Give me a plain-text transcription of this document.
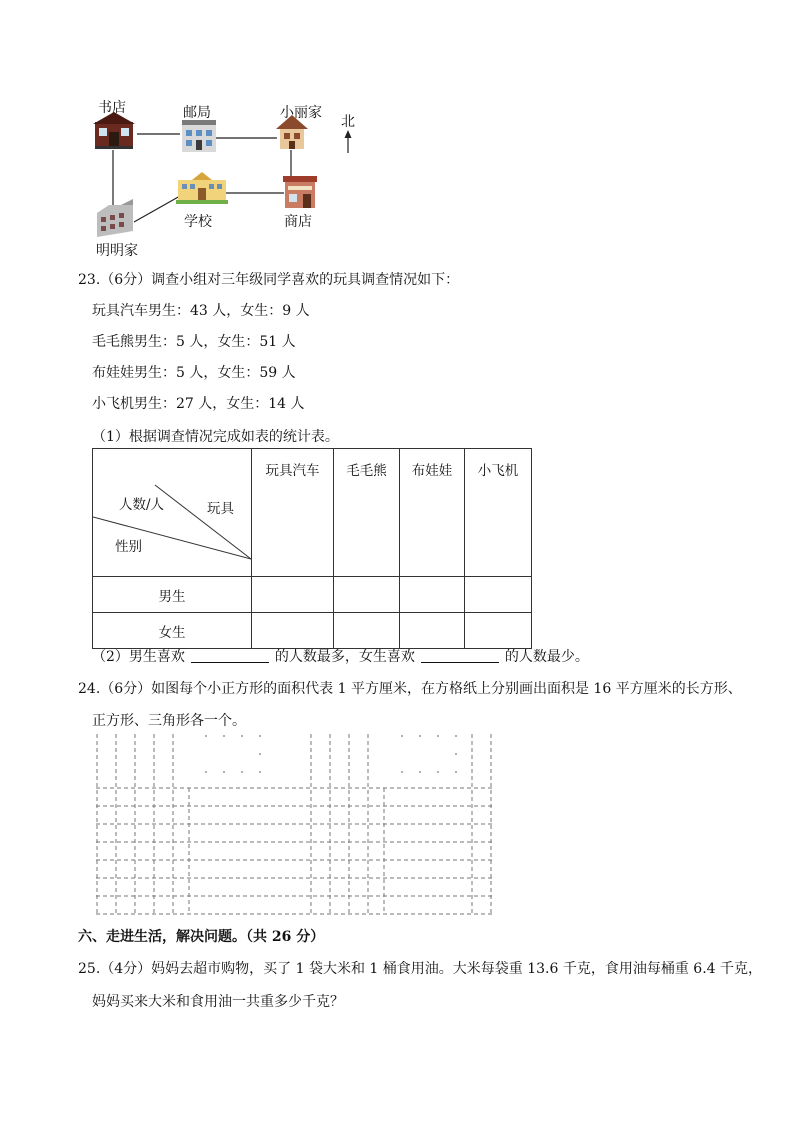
书店	邮局	小丽家
北
学校	商店
明明家
23.（6分）调查小组对三年级同学喜欢的玩具调查情况如下：
玩具汽车男生：43 人，女生：9 人
毛毛熊男生：5 人，女生：51 人
布娃娃男生：5 人，女生：59 人
小飞机男生：27 人，女生：14 人
（1）根据调查情况完成如表的统计表。
人数/人 玩具
性别	玩具汽车	毛毛熊	布娃娃	小飞机
男生				
女生				
（2）男生喜欢	的人数最多，女生喜欢	的人数最少。
24.（6分）如图每个小正方形的面积代表 1 平方厘米，在方格纸上分别画出面积是 16 平方厘米的长方形、
正方形、三角形各一个。
六、走进生活，解决问题。（共 26 分）
25.（4分）妈妈去超市购物，买了 1 袋大米和 1 桶食用油。大米每袋重 13.6 千克，食用油每桶重 6.4 千克，
妈妈买来大米和食用油一共重多少千克？
